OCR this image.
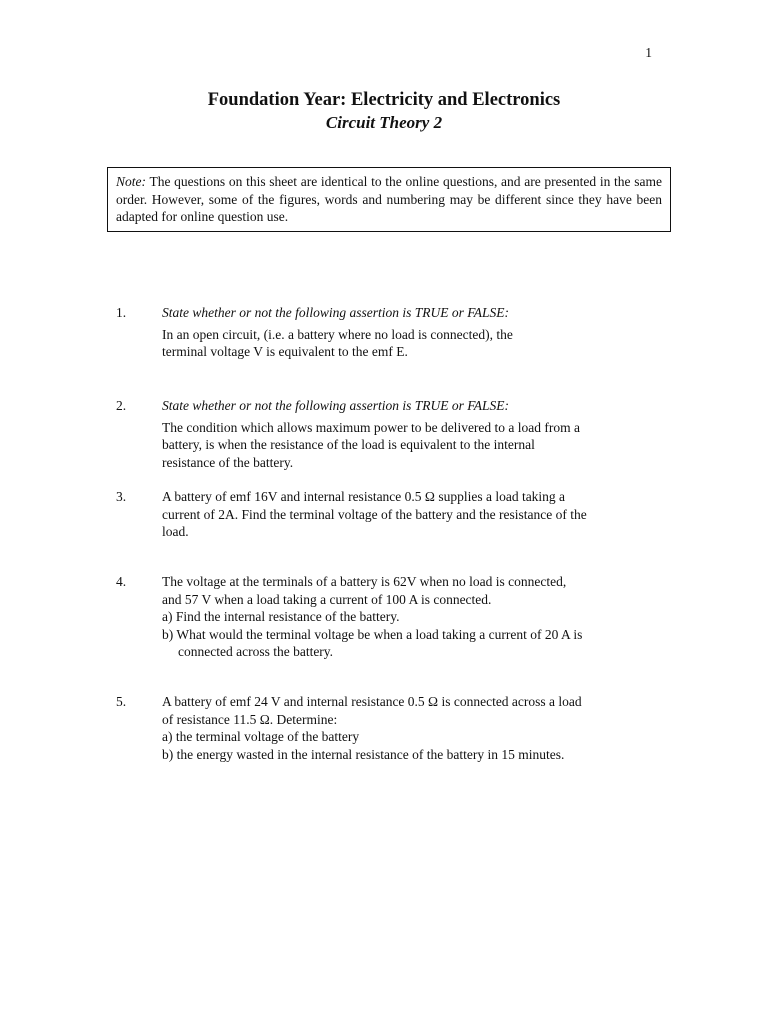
1
Foundation Year: Electricity and Electronics
Circuit Theory 2
Note: The questions on this sheet are identical to the online questions, and are presented in the same order. However, some of the figures, words and numbering may be different since they have been adapted for online question use.
1.	State whether or not the following assertion is TRUE or FALSE:
In an open circuit, (i.e. a battery where no load is connected), the
terminal voltage V is equivalent to the emf E.
2.	State whether or not the following assertion is TRUE or FALSE:
The condition which allows maximum power to be delivered to a load from a
battery, is when the resistance of the load is equivalent to the internal
resistance of the battery.
3.	A battery of emf 16V and internal resistance 0.5 Ω supplies a load taking a
current of 2A. Find the terminal voltage of the battery and the resistance of the
load.
4.	The voltage at the terminals of a battery is 62V when no load is connected,
and 57 V when a load taking a current of 100 A is connected.
a) Find the internal resistance of the battery.
b) What would the terminal voltage be when a load taking a current of 20 A is
connected across the battery.
5.	A battery of emf 24 V and internal resistance 0.5 Ω is connected across a load
of resistance 11.5 Ω. Determine:
a) the terminal voltage of the battery
b) the energy wasted in the internal resistance of the battery in 15 minutes.
